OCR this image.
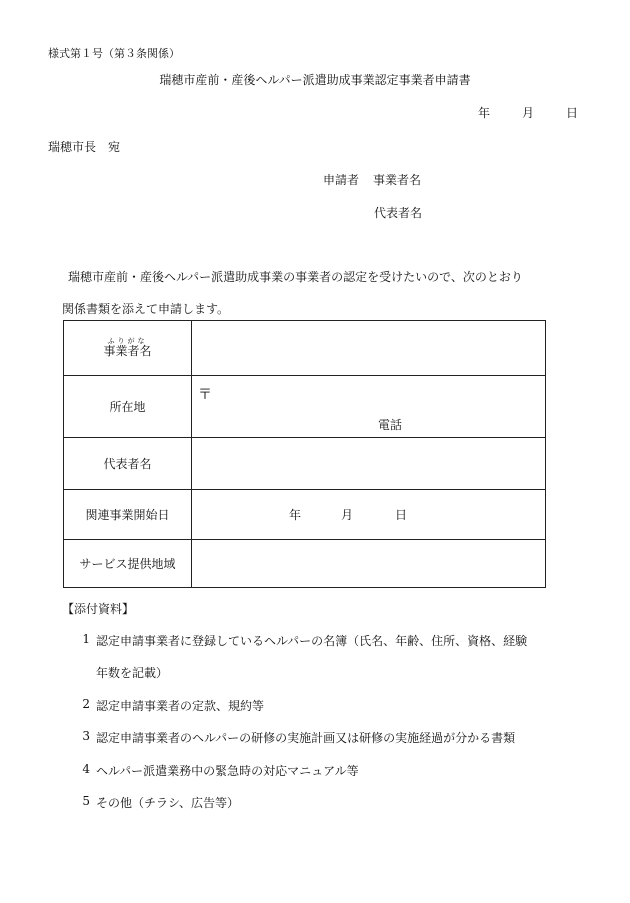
様式第１号（第３条関係）
瑞穂市産前・産後ヘルパー派遣助成事業認定事業者申請書
年	月	日
瑞穂市長　宛
申請者 事業者名
代表者名
瑞穂市産前・産後ヘルパー派遣助成事業の事業者の認定を受けたいので、次のとおり
関係書類を添えて申請します。
ふりがな
事業者名	
所在地	〒
電話

代表者名	
関連事業開始日	年 月 日

サービス提供地域	
【添付資料】
1 認定申請事業者に登録しているヘルパーの名簿（氏名、年齢、住所、資格、経験
年数を記載）
2 認定申請事業者の定款、規約等
3 認定申請事業者のヘルパーの研修の実施計画又は研修の実施経過が分かる書類
4 ヘルパー派遣業務中の緊急時の対応マニュアル等
5 その他（チラシ、広告等）
